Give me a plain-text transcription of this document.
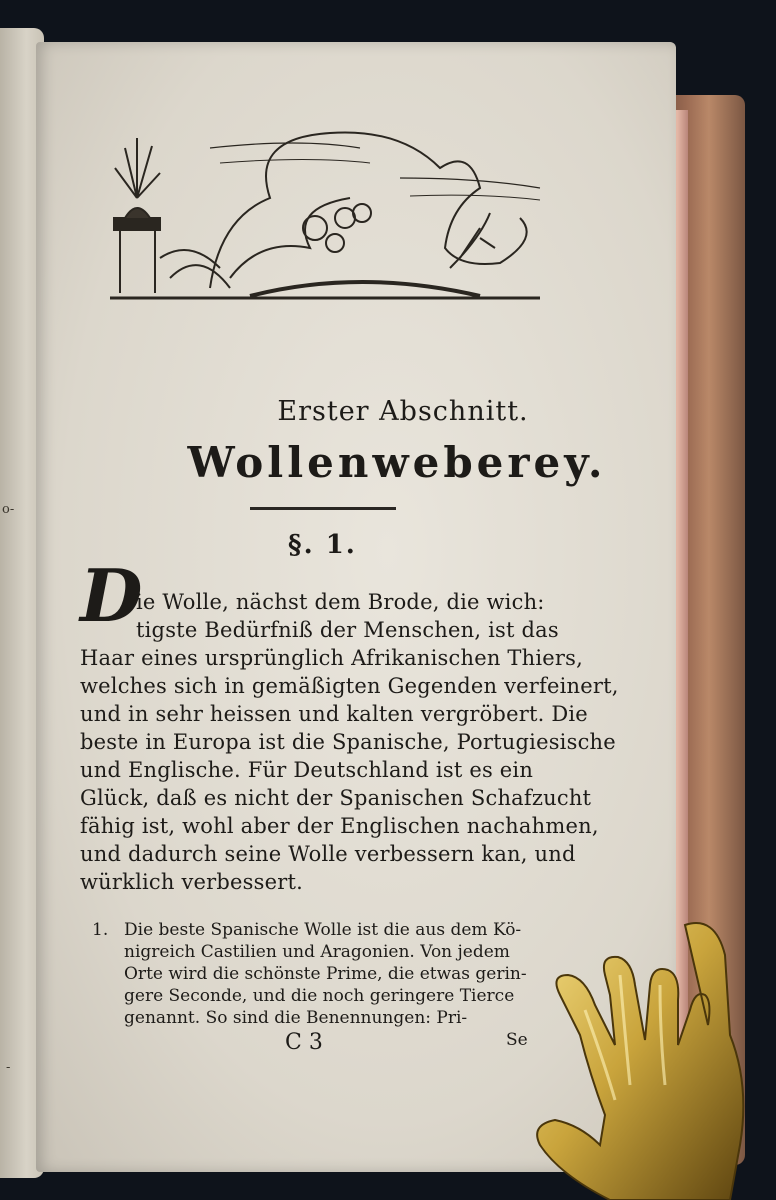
o-
-
Erster Abschnitt.
Wollenweberey.
§. 1.
D
ie Wolle, nächst dem Brode, die wich:
tigste Bedürfniß der Menschen, ist das
Haar eines ursprünglich Afrikanischen Thiers,
welches sich in gemäßigten Gegenden verfeinert,
und in sehr heissen und kalten vergröbert. Die
beste in Europa ist die Spanische, Portugiesische
und Englische. Für Deutschland ist es ein
Glück, daß es nicht der Spanischen Schafzucht
fähig ist, wohl aber der Englischen nachahmen,
und dadurch seine Wolle verbessern kan, und
würklich verbessert.
1. Die beste Spanische Wolle ist die aus dem Kö-
nigreich Castilien und Aragonien. Von jedem
Orte wird die schönste Prime, die etwas gerin-
gere Seconde, und die noch geringere Tierce
genannt. So sind die Benennungen: Pri-
Se
C 3
